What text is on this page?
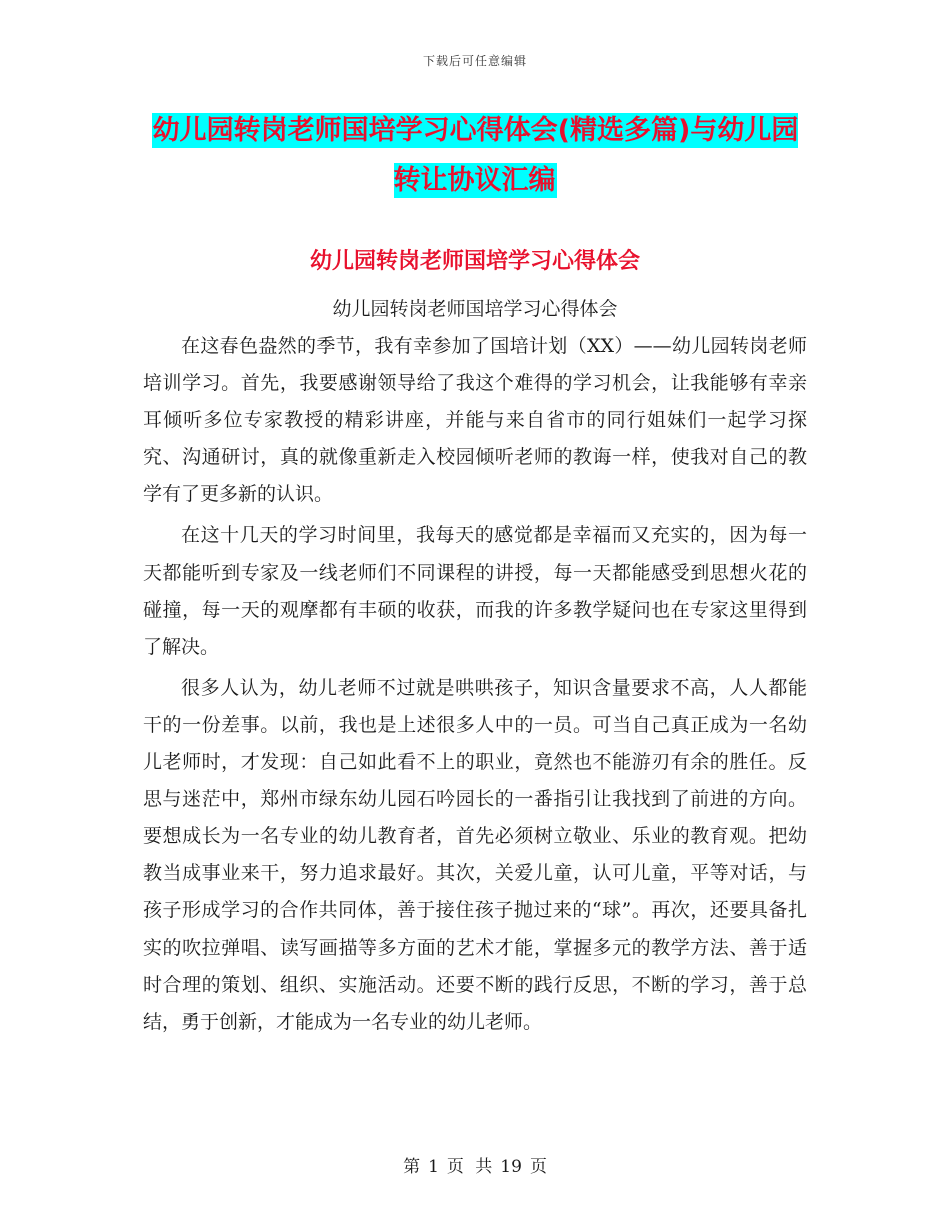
下载后可任意编辑
幼儿园转岗老师国培学习心得体会(精选多篇)与幼儿园转让协议汇编
幼儿园转岗老师国培学习心得体会
幼儿园转岗老师国培学习心得体会

在这春色盎然的季节，我有幸参加了国培计划（XX）——幼儿园转岗老师培训学习。首先，我要感谢领导给了我这个难得的学习机会，让我能够有幸亲耳倾听多位专家教授的精彩讲座，并能与来自省市的同行姐妹们一起学习探究、沟通研讨，真的就像重新走入校园倾听老师的教诲一样，使我对自己的教学有了更多新的认识。

在这十几天的学习时间里，我每天的感觉都是幸福而又充实的，因为每一天都能听到专家及一线老师们不同课程的讲授，每一天都能感受到思想火花的碰撞，每一天的观摩都有丰硕的收获，而我的许多教学疑问也在专家这里得到了解决。

很多人认为，幼儿老师不过就是哄哄孩子，知识含量要求不高，人人都能干的一份差事。以前，我也是上述很多人中的一员。可当自己真正成为一名幼儿老师时，才发现：自己如此看不上的职业，竟然也不能游刃有余的胜任。反思与迷茫中，郑州市绿东幼儿园石吟园长的一番指引让我找到了前进的方向。要想成长为一名专业的幼儿教育者，首先必须树立敬业、乐业的教育观。把幼教当成事业来干，努力追求最好。其次，关爱儿童，认可儿童，平等对话，与孩子形成学习的合作共同体，善于接住孩子抛过来的“球”。再次，还要具备扎实的吹拉弹唱、读写画描等多方面的艺术才能，掌握多元的教学方法、善于适时合理的策划、组织、实施活动。还要不断的践行反思，不断的学习，善于总结，勇于创新，才能成为一名专业的幼儿老师。

第 1 页 共 19 页
